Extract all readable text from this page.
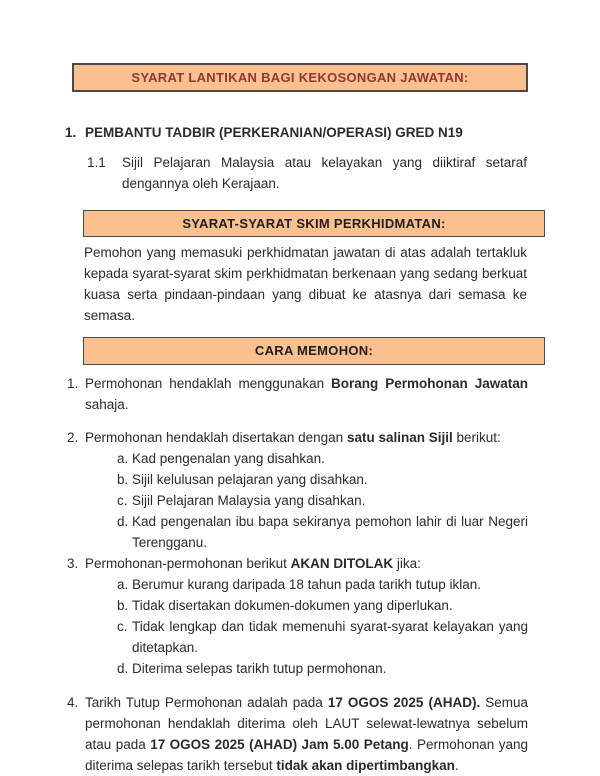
SYARAT LANTIKAN BAGI KEKOSONGAN JAWATAN:
1. PEMBANTU TADBIR (PERKERANIAN/OPERASI) GRED N19
1.1 Sijil Pelajaran Malaysia atau kelayakan yang diiktiraf setaraf dengannya oleh Kerajaan.
SYARAT-SYARAT SKIM PERKHIDMATAN:
Pemohon yang memasuki perkhidmatan jawatan di atas adalah tertakluk kepada syarat-syarat skim perkhidmatan berkenaan yang sedang berkuat kuasa serta pindaan-pindaan yang dibuat ke atasnya dari semasa ke semasa.
CARA MEMOHON:
1. Permohonan hendaklah menggunakan Borang Permohonan Jawatan sahaja.
2. Permohonan hendaklah disertakan dengan satu salinan Sijil berikut:
a. Kad pengenalan yang disahkan.
b. Sijil kelulusan pelajaran yang disahkan.
c. Sijil Pelajaran Malaysia yang disahkan.
d. Kad pengenalan ibu bapa sekiranya pemohon lahir di luar Negeri Terengganu.
3. Permohonan-permohonan berikut AKAN DITOLAK jika:
a. Berumur kurang daripada 18 tahun pada tarikh tutup iklan.
b. Tidak disertakan dokumen-dokumen yang diperlukan.
c. Tidak lengkap dan tidak memenuhi syarat-syarat kelayakan yang ditetapkan.
d. Diterima selepas tarikh tutup permohonan.
4. Tarikh Tutup Permohonan adalah pada 17 OGOS 2025 (AHAD). Semua permohonan hendaklah diterima oleh LAUT selewat-lewatnya sebelum atau pada 17 OGOS 2025 (AHAD) Jam 5.00 Petang. Permohonan yang diterima selepas tarikh tersebut tidak akan dipertimbangkan.
